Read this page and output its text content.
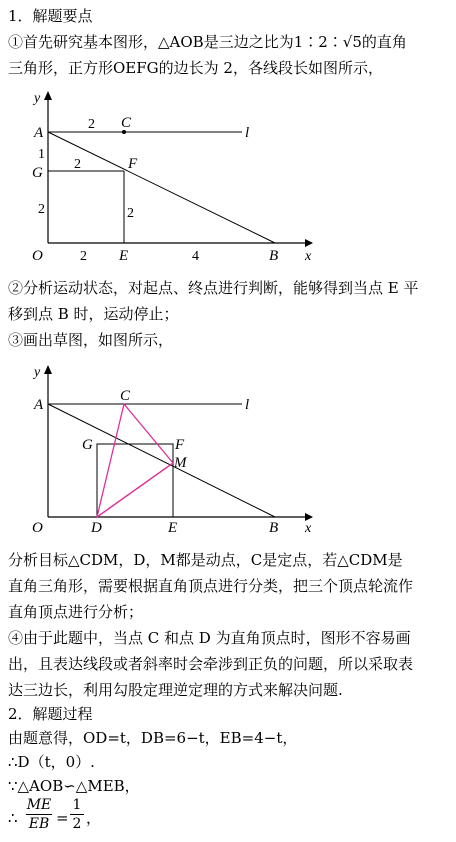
1．解题要点
①首先研究基本图形，△AOB是三边之比为1∶2∶√5的直角
三角形，正方形OEFG的边长为 2，各线段长如图所示，
y
x
A
C
l
G
F
O	E	B
2
1
2
2	2
2	4
②分析运动状态，对起点、终点进行判断，能够得到当点 E 平
移到点 B 时，运动停止；
③画出草图，如图所示，
y
x
A
C
l
G	F
M
O	D	E	B
分析目标△CDM，D，M都是动点，C是定点，若△CDM是
直角三角形，需要根据直角顶点进行分类，把三个顶点轮流作
直角顶点进行分析；
④由于此题中，当点 C 和点 D 为直角顶点时，图形不容易画
出，且表达线段或者斜率时会牵涉到正负的问题，所以采取表
达三边长，利用勾股定理逆定理的方式来解决问题.
2．解题过程
由题意得，OD=t，DB=6−t，EB=4−t，
∴D（t，0）.
∵△AOB∽△MEB，
∴
ME
EB =
1
2 ，
